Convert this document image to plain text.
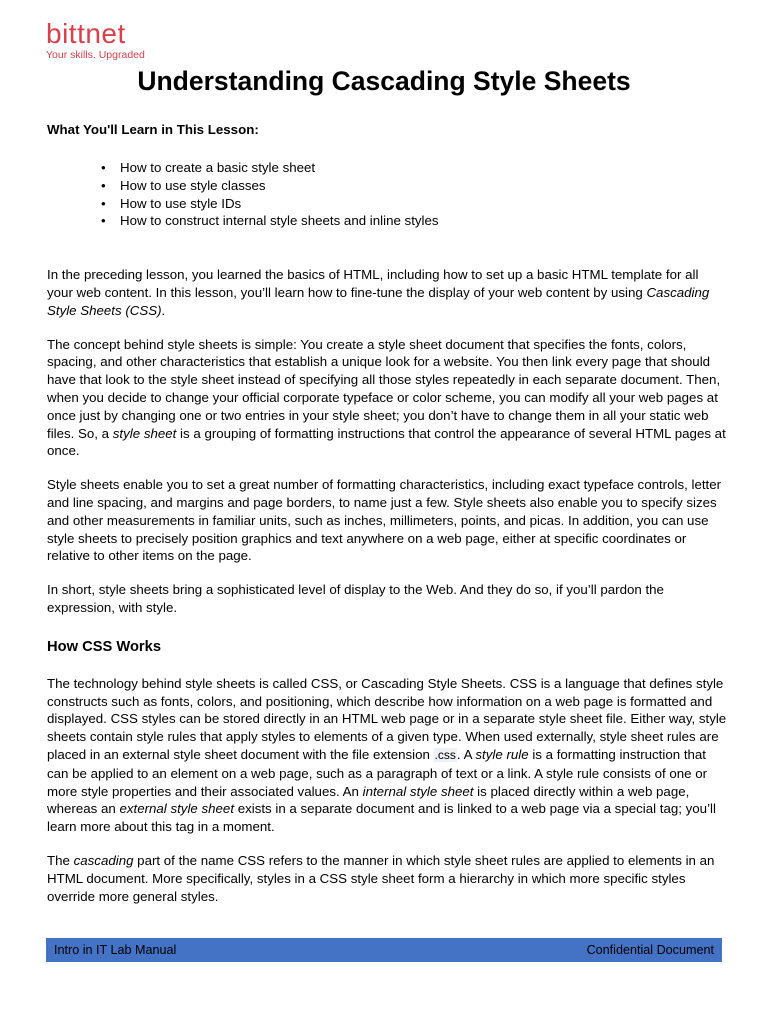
bittnet
Your skills. Upgraded
Understanding Cascading Style Sheets

What You'll Learn in This Lesson:

• How to create a basic style sheet
• How to use style classes
• How to use style IDs
• How to construct internal style sheets and inline styles

In the preceding lesson, you learned the basics of HTML, including how to set up a basic HTML template for all your web content. In this lesson, you’ll learn how to fine-tune the display of your web content by using Cascading Style Sheets (CSS).

The concept behind style sheets is simple: You create a style sheet document that specifies the fonts, colors, spacing, and other characteristics that establish a unique look for a website. You then link every page that should have that look to the style sheet instead of specifying all those styles repeatedly in each separate document. Then, when you decide to change your official corporate typeface or color scheme, you can modify all your web pages at once just by changing one or two entries in your style sheet; you don’t have to change them in all your static web files. So, a style sheet is a grouping of formatting instructions that control the appearance of several HTML pages at once.

Style sheets enable you to set a great number of formatting characteristics, including exact typeface controls, letter and line spacing, and margins and page borders, to name just a few. Style sheets also enable you to specify sizes and other measurements in familiar units, such as inches, millimeters, points, and picas. In addition, you can use style sheets to precisely position graphics and text anywhere on a web page, either at specific coordinates or relative to other items on the page.

In short, style sheets bring a sophisticated level of display to the Web. And they do so, if you’ll pardon the expression, with style.

How CSS Works

The technology behind style sheets is called CSS, or Cascading Style Sheets. CSS is a language that defines style constructs such as fonts, colors, and positioning, which describe how information on a web page is formatted and displayed. CSS styles can be stored directly in an HTML web page or in a separate style sheet file. Either way, style sheets contain style rules that apply styles to elements of a given type. When used externally, style sheet rules are placed in an external style sheet document with the file extension .css. A style rule is a formatting instruction that can be applied to an element on a web page, such as a paragraph of text or a link. A style rule consists of one or more style properties and their associated values. An internal style sheet is placed directly within a web page, whereas an external style sheet exists in a separate document and is linked to a web page via a special tag; you’ll learn more about this tag in a moment.

The cascading part of the name CSS refers to the manner in which style sheet rules are applied to elements in an HTML document. More specifically, styles in a CSS style sheet form a hierarchy in which more specific styles override more general styles.

Intro in IT Lab Manual	Confidential Document
